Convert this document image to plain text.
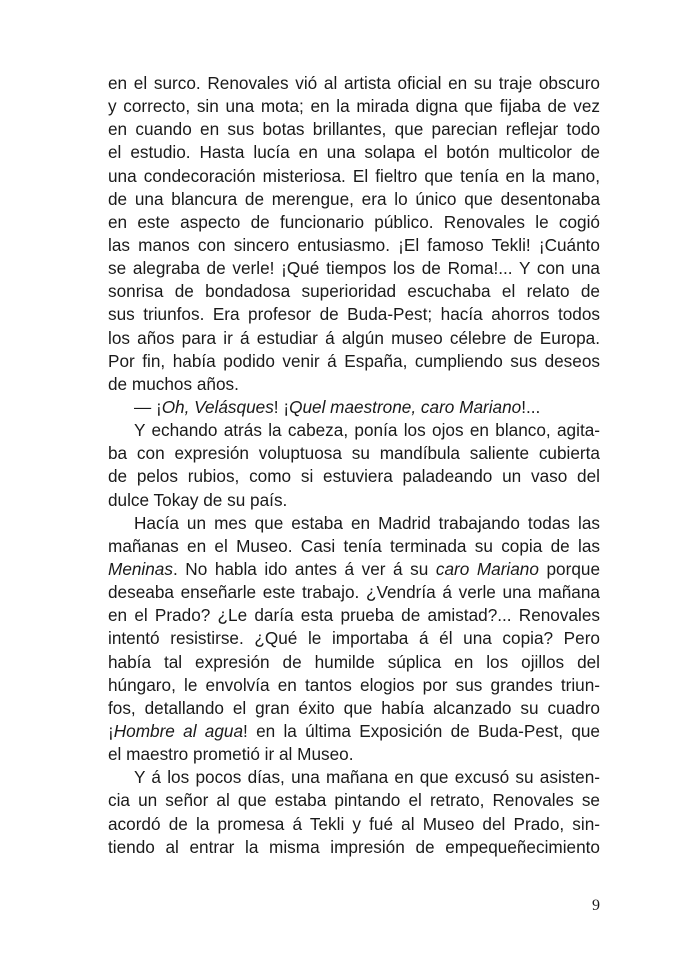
en el surco. Renovales vió al artista oficial en su traje obscuro
y correcto, sin una mota; en la mirada digna que fijaba de vez
en cuando en sus botas brillantes, que parecian reflejar todo
el estudio. Hasta lucía en una solapa el botón multicolor de
una condecoración misteriosa. El fieltro que tenía en la mano,
de una blancura de merengue, era lo único que desentonaba
en este aspecto de funcionario público. Renovales le cogió
las manos con sincero entusiasmo. ¡El famoso Tekli! ¡Cuánto
se alegraba de verle! ¡Qué tiempos los de Roma!... Y con una
sonrisa de bondadosa superioridad escuchaba el relato de
sus triunfos. Era profesor de Buda-Pest; hacía ahorros todos
los años para ir á estudiar á algún museo célebre de Europa.
Por fin, había podido venir á España, cumpliendo sus deseos
de muchos años.
— ¡Oh, Velásques! ¡Quel maestrone, caro Mariano!...
Y echando atrás la cabeza, ponía los ojos en blanco, agita-
ba con expresión voluptuosa su mandíbula saliente cubierta
de pelos rubios, como si estuviera paladeando un vaso del
dulce Tokay de su país.
Hacía un mes que estaba en Madrid trabajando todas las
mañanas en el Museo. Casi tenía terminada su copia de las
Meninas. No habla ido antes á ver á su caro Mariano porque
deseaba enseñarle este trabajo. ¿Vendría á verle una mañana
en el Prado? ¿Le daría esta prueba de amistad?... Renovales
intentó resistirse. ¿Qué le importaba á él una copia? Pero
había tal expresión de humilde súplica en los ojillos del
húngaro, le envolvía en tantos elogios por sus grandes triun-
fos, detallando el gran éxito que había alcanzado su cuadro
¡Hombre al agua! en la última Exposición de Buda-Pest, que
el maestro prometió ir al Museo.
Y á los pocos días, una mañana en que excusó su asisten-
cia un señor al que estaba pintando el retrato, Renovales se
acordó de la promesa á Tekli y fué al Museo del Prado, sin-
tiendo al entrar la misma impresión de empequeñecimiento
9
